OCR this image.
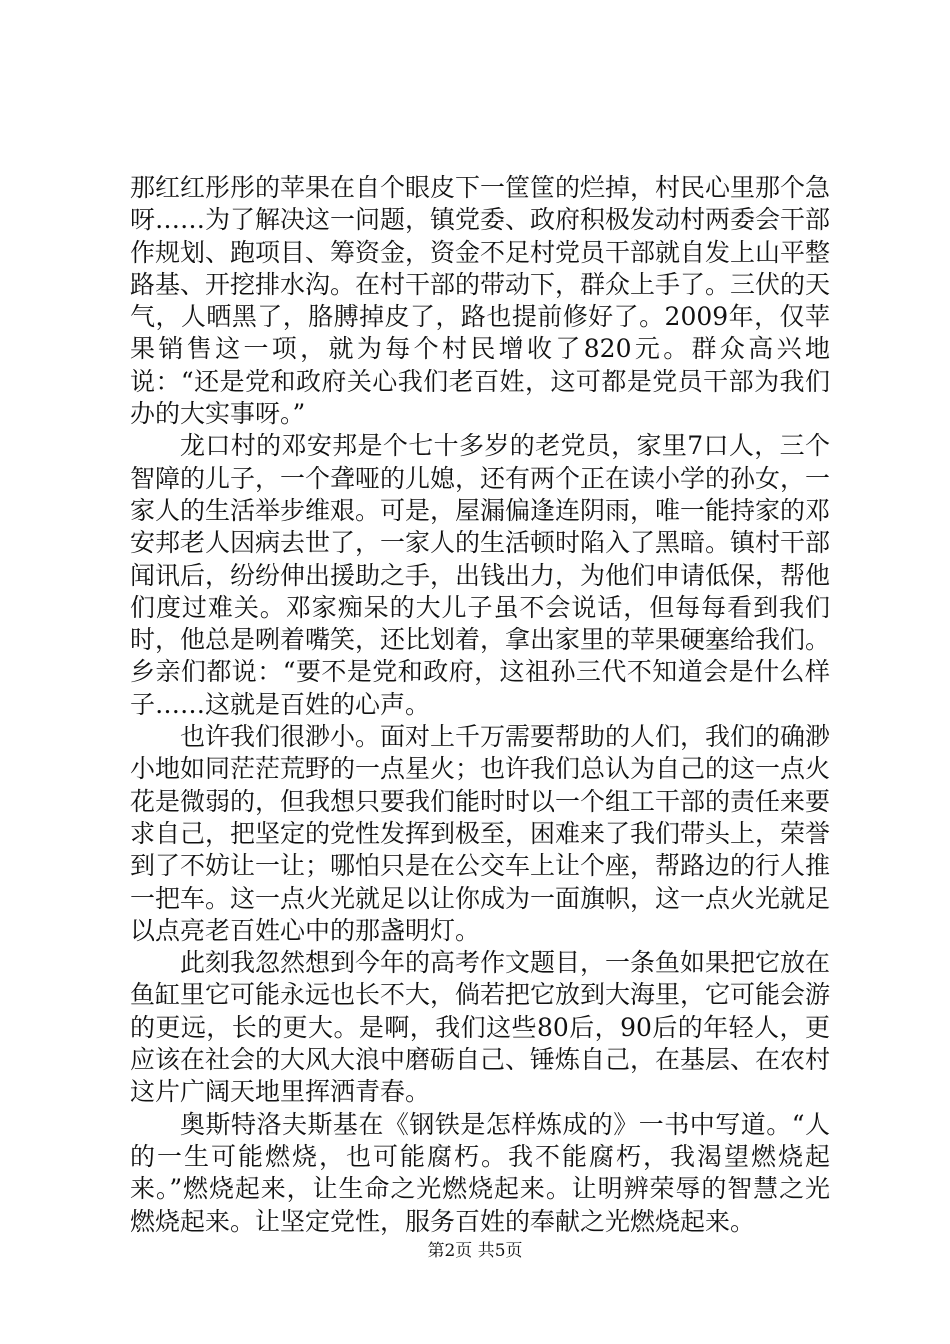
那红红彤彤的苹果在自个眼皮下一筐筐的烂掉，村民心里那个急呀……为了解决这一问题，镇党委、政府积极发动村两委会干部作规划、跑项目、筹资金，资金不足村党员干部就自发上山平整路基、开挖排水沟。在村干部的带动下，群众上手了。三伏的天气，人晒黑了，胳膊掉皮了，路也提前修好了。2009年，仅苹果销售这一项，就为每个村民增收了820元。群众高兴地说：“还是党和政府关心我们老百姓，这可都是党员干部为我们办的大实事呀。”

龙口村的邓安邦是个七十多岁的老党员，家里7口人，三个智障的儿子，一个聋哑的儿媳，还有两个正在读小学的孙女，一家人的生活举步维艰。可是，屋漏偏逢连阴雨，唯一能持家的邓安邦老人因病去世了，一家人的生活顿时陷入了黑暗。镇村干部闻讯后，纷纷伸出援助之手，出钱出力，为他们申请低保，帮他们度过难关。邓家痴呆的大儿子虽不会说话，但每每看到我们时，他总是咧着嘴笑，还比划着，拿出家里的苹果硬塞给我们。乡亲们都说：“要不是党和政府，这祖孙三代不知道会是什么样子……这就是百姓的心声。

也许我们很渺小。面对上千万需要帮助的人们，我们的确渺小地如同茫茫荒野的一点星火；也许我们总认为自己的这一点火花是微弱的，但我想只要我们能时时以一个组工干部的责任来要求自己，把坚定的党性发挥到极至，困难来了我们带头上，荣誉到了不妨让一让；哪怕只是在公交车上让个座，帮路边的行人推一把车。这一点火光就足以让你成为一面旗帜，这一点火光就足以点亮老百姓心中的那盏明灯。

此刻我忽然想到今年的高考作文题目，一条鱼如果把它放在鱼缸里它可能永远也长不大，倘若把它放到大海里，它可能会游的更远，长的更大。是啊，我们这些80后，90后的年轻人，更应该在社会的大风大浪中磨砺自己、锤炼自己，在基层、在农村这片广阔天地里挥洒青春。

奥斯特洛夫斯基在《钢铁是怎样炼成的》一书中写道。“人的一生可能燃烧，也可能腐朽。我不能腐朽，我渴望燃烧起来。”燃烧起来，让生命之光燃烧起来。让明辨荣辱的智慧之光燃烧起来。让坚定党性，服务百姓的奉献之光燃烧起来。

第2页 共5页
